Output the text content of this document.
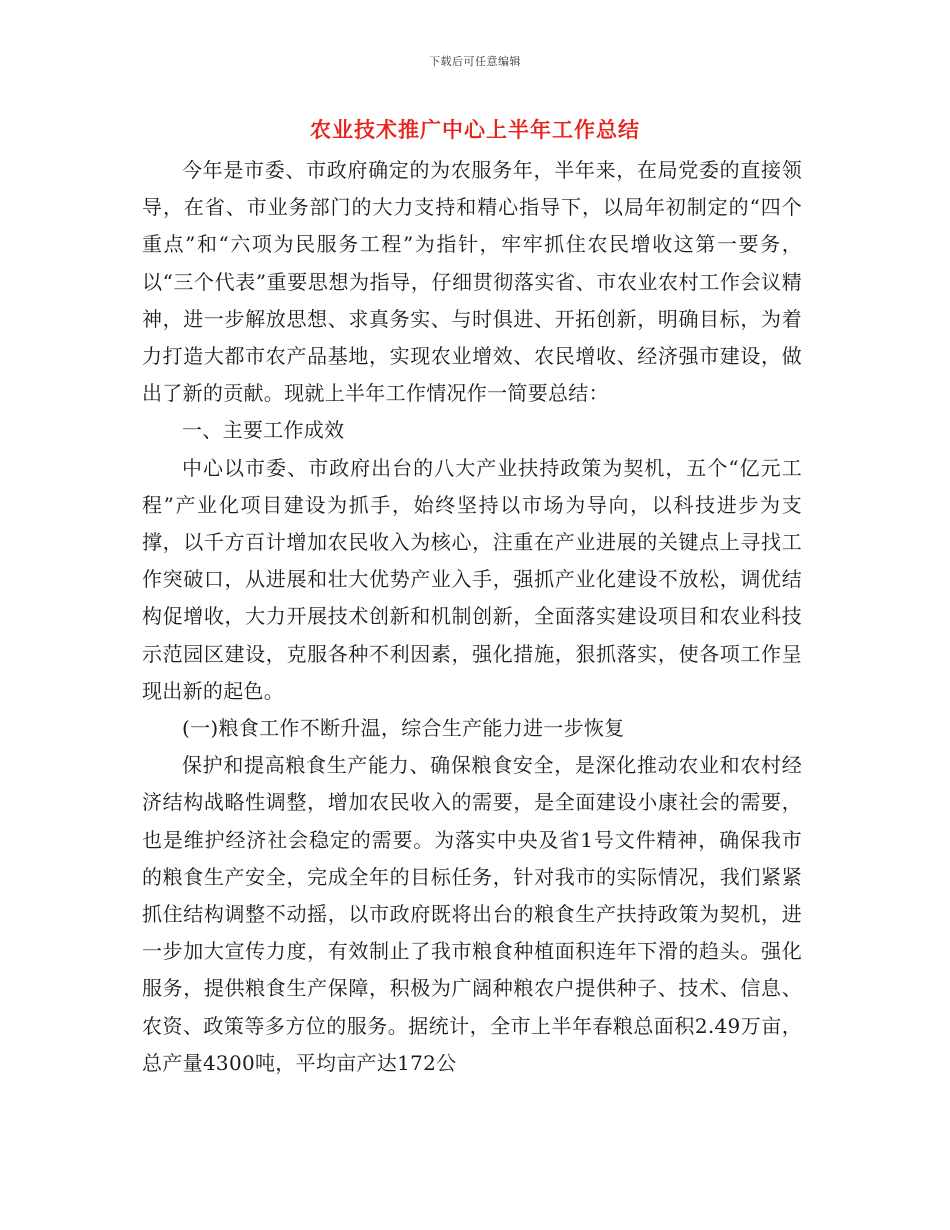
下载后可任意编辑
农业技术推广中心上半年工作总结

今年是市委、市政府确定的为农服务年，半年来，在局党委的直接领导，在省、市业务部门的大力支持和精心指导下，以局年初制定的“四个重点”和“六项为民服务工程”为指针，牢牢抓住农民增收这第一要务，以“三个代表”重要思想为指导，仔细贯彻落实省、市农业农村工作会议精神，进一步解放思想、求真务实、与时俱进、开拓创新，明确目标，为着力打造大都市农产品基地，实现农业增效、农民增收、经济强市建设，做出了新的贡献。现就上半年工作情况作一简要总结：

一、主要工作成效

中心以市委、市政府出台的八大产业扶持政策为契机，五个“亿元工程”产业化项目建设为抓手，始终坚持以市场为导向，以科技进步为支撑，以千方百计增加农民收入为核心，注重在产业进展的关键点上寻找工作突破口，从进展和壮大优势产业入手，强抓产业化建设不放松，调优结构促增收，大力开展技术创新和机制创新，全面落实建设项目和农业科技示范园区建设，克服各种不利因素，强化措施，狠抓落实，使各项工作呈现出新的起色。

(一)粮食工作不断升温，综合生产能力进一步恢复

保护和提高粮食生产能力、确保粮食安全，是深化推动农业和农村经济结构战略性调整，增加农民收入的需要，是全面建设小康社会的需要，也是维护经济社会稳定的需要。为落实中央及省1号文件精神，确保我市的粮食生产安全，完成全年的目标任务，针对我市的实际情况，我们紧紧抓住结构调整不动摇，以市政府既将出台的粮食生产扶持政策为契机，进一步加大宣传力度，有效制止了我市粮食种植面积连年下滑的趋头。强化服务，提供粮食生产保障，积极为广阔种粮农户提供种子、技术、信息、农资、政策等多方位的服务。据统计，全市上半年春粮总面积2.49万亩，总产量4300吨，平均亩产达172公
